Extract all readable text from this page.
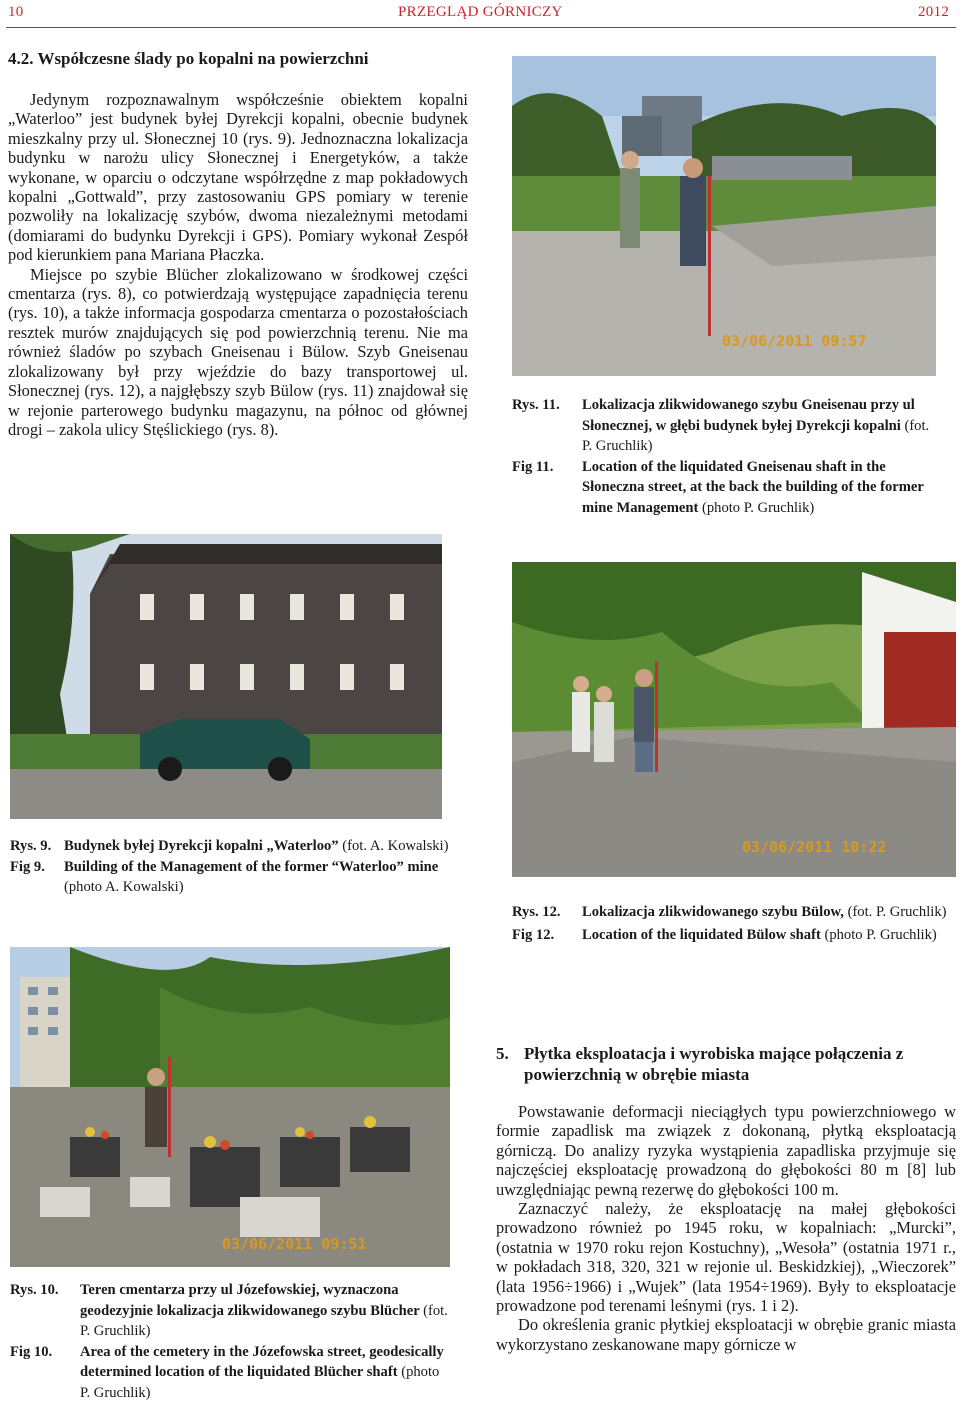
10	PRZEGLĄD GÓRNICZY	2012
4.2. Współczesne ślady po kopalni na powierzchni

Jedynym rozpoznawalnym współcześnie obiektem kopalni „Waterloo” jest budynek byłej Dyrekcji kopalni, obecnie budynek mieszkalny przy ul. Słonecznej 10 (rys. 9). Jednoznaczna lokalizacja budynku w narożu ulicy Słonecznej i Energetyków, a także wykonane, w oparciu o odczytane współrzędne z map pokładowych kopalni „Gottwald”, przy zastosowaniu GPS pomiary w terenie pozwoliły na lokalizację szybów, dwoma niezależnymi metodami (domiarami do budynku Dyrekcji i GPS). Pomiary wykonał Zespół pod kierunkiem pana Mariana Płaczka.

Miejsce po szybie Blücher zlokalizowano w środkowej części cmentarza (rys. 8), co potwierdzają występujące zapadnięcia terenu (rys. 10), a także informacja gospodarza cmentarza o pozostałościach resztek murów znajdujących się pod powierzchnią terenu. Nie ma również śladów po szybach Gneisenau i Bülow. Szyb Gneisenau zlokalizowany był przy wjeździe do bazy transportowej ul. Słonecznej (rys. 12), a najgłębszy szyb Bülow (rys. 11) znajdował się w rejonie parterowego budynku magazynu, na północ od głównej drogi – zakola ulicy Stęślickiego (rys. 8).

03/06/2011 09:57
Rys. 11. Lokalizacja zlikwidowanego szybu Gneisenau przy ul Słonecznej, w głębi budynek byłej Dyrekcji kopalni (fot. P. Gruchlik)
Fig 11. Location of the liquidated Gneisenau shaft in the Słoneczna street, at the back the building of the former mine Management (photo P. Gruchlik)
Rys. 9. Budynek byłej Dyrekcji kopalni „Waterloo” (fot. A. Kowalski)
Fig 9. Building of the Management of the former “Waterloo” mine (photo A. Kowalski)
03/06/2011 10:22
Rys. 12. Lokalizacja zlikwidowanego szybu Bülow, (fot. P. Gruchlik)
Fig 12. Location of the liquidated Bülow shaft (photo P. Gruchlik)
03/06/2011 09:51
Rys. 10. Teren cmentarza przy ul Józefowskiej, wyznaczona geodezyjnie lokalizacja zlikwidowanego szybu Blücher (fot. P. Gruchlik)
Fig 10. Area of the cemetery in the Józefowska street, geodesically determined location of the liquidated Blücher shaft (photo P. Gruchlik)
5. Płytka eksploatacja i wyrobiska mające połączenia z powierzchnią w obrębie miasta

Powstawanie deformacji nieciągłych typu powierzchniowego w formie zapadlisk ma związek z dokonaną, płytką eksploatacją górniczą. Do analizy ryzyka wystąpienia zapadliska przyjmuje się najczęściej eksploatację prowadzoną do głębokości 80 m [8] lub uwzględniając pewną rezerwę do głębokości 100 m.

Zaznaczyć należy, że eksploatację na małej głębokości prowadzono również po 1945 roku, w kopalniach: „Murcki”, (ostatnia w 1970 roku rejon Kostuchny), „Wesoła” (ostatnia 1971 r., w pokładach 318, 320, 321 w rejonie ul. Beskidzkiej), „Wieczorek” (lata 1956÷1966) i „Wujek” (lata 1954÷1969). Były to eksploatacje prowadzone pod terenami leśnymi (rys. 1 i 2).

Do określenia granic płytkiej eksploatacji w obrębie granic miasta wykorzystano zeskanowane mapy górnicze w
